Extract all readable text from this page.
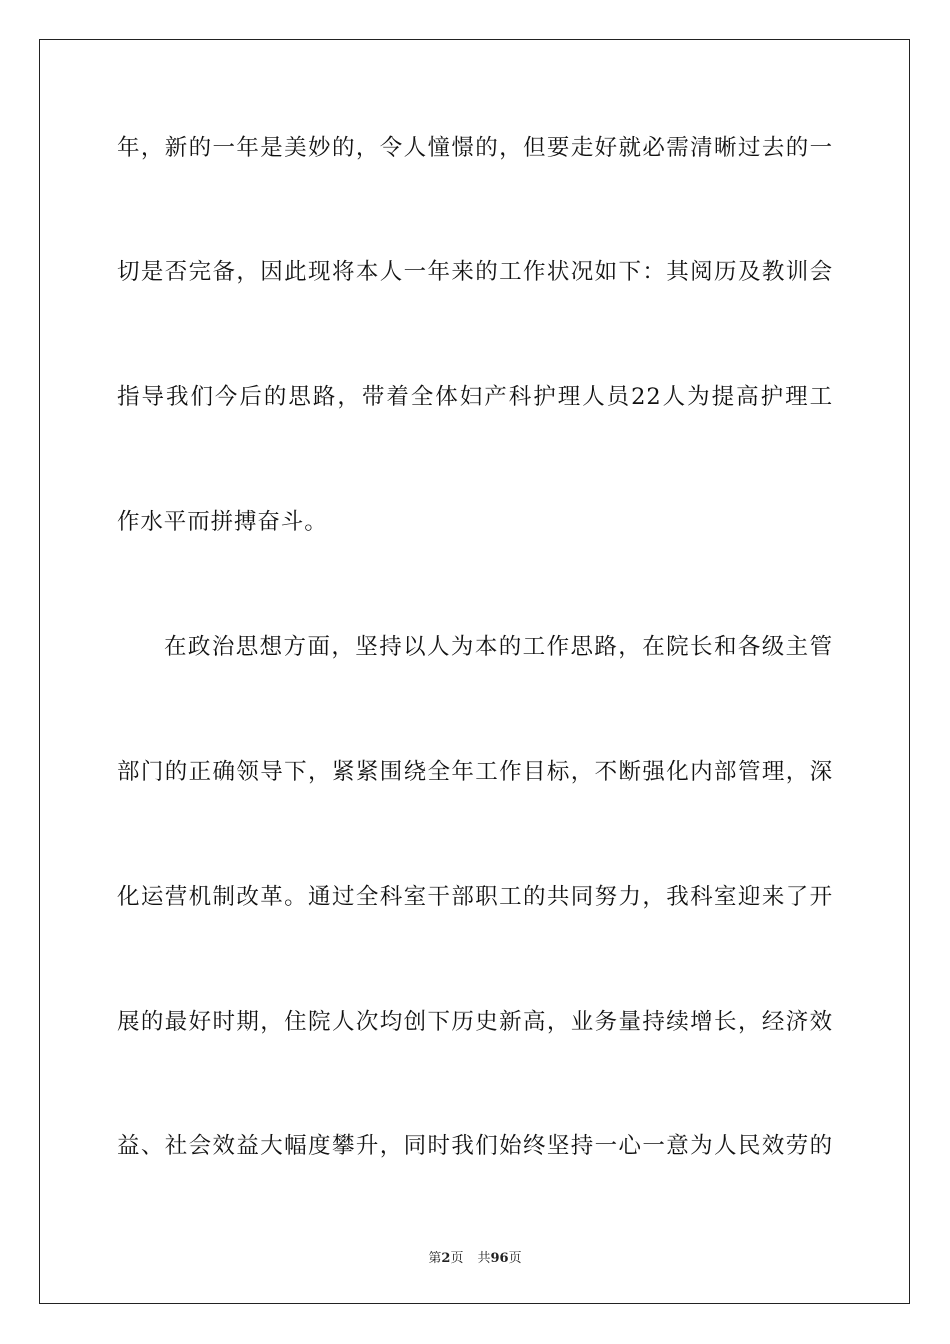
年，新的一年是美妙的，令人憧憬的，但要走好就必需清晰过去的一
切是否完备，因此现将本人一年来的工作状况如下：其阅历及教训会
指导我们今后的思路，带着全体妇产科护理人员22人为提高护理工
作水平而拼搏奋斗。
在政治思想方面，坚持以人为本的工作思路，在院长和各级主管
部门的正确领导下，紧紧围绕全年工作目标，不断强化内部管理，深
化运营机制改革。通过全科室干部职工的共同努力，我科室迎来了开
展的最好时期，住院人次均创下历史新高，业务量持续增长，经济效
益、社会效益大幅度攀升，同时我们始终坚持一心一意为人民效劳的
第2页 共96页
